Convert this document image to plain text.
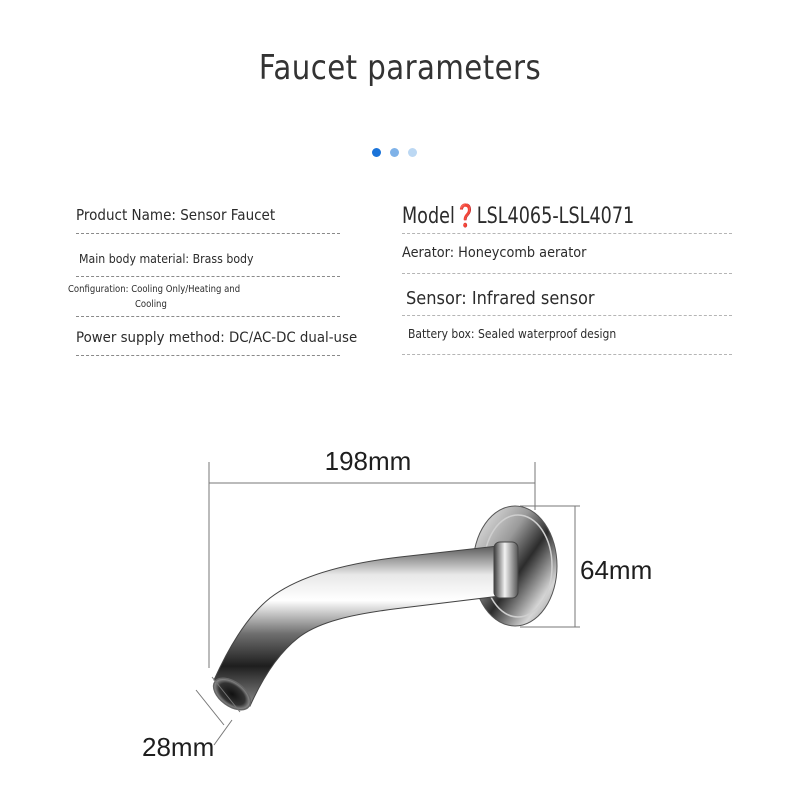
Faucet parameters
Product Name: Sensor Faucet
Main body material: Brass body
Configuration: Cooling Only/Heating and
Cooling
Power supply method: DC/AC-DC dual-use
Model❓LSL4065-LSL4071
Aerator: Honeycomb aerator
Sensor: Infrared sensor
Battery box: Sealed waterproof design
198mm
64mm
28mm
